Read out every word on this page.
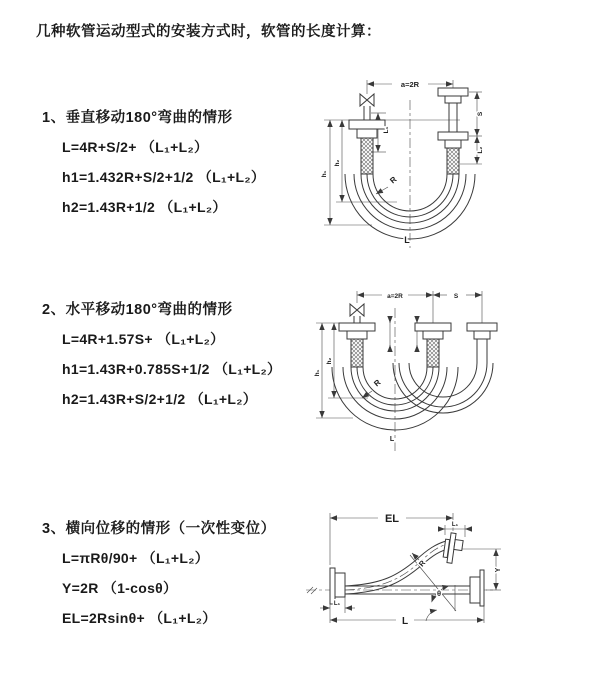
几种软管运动型式的安装方式时，软管的长度计算：
1、垂直移动180°弯曲的情形
L=4R+S/2+ （L₁+L₂）
h1=1.432R+S/2+1/2 （L₁+L₂）
h2=1.43R+1/2 （L₁+L₂）
2、水平移动180°弯曲的情形
L=4R+1.57S+ （L₁+L₂）
h1=1.43R+0.785S+1/2 （L₁+L₂）
h2=1.43R+S/2+1/2 （L₁+L₂）
3、横向位移的情形（一次性变位）
L=πRθ/90+ （L₁+L₂）
Y=2R （1-cosθ）
EL=2Rsinθ+ （L₁+L₂）
a=2R
L₁
h₂
h₁
S
L₂
R
L
a=2R	S
h₂
h₁
R
L
EL	L₁
Y
L
L₁
R
θ
